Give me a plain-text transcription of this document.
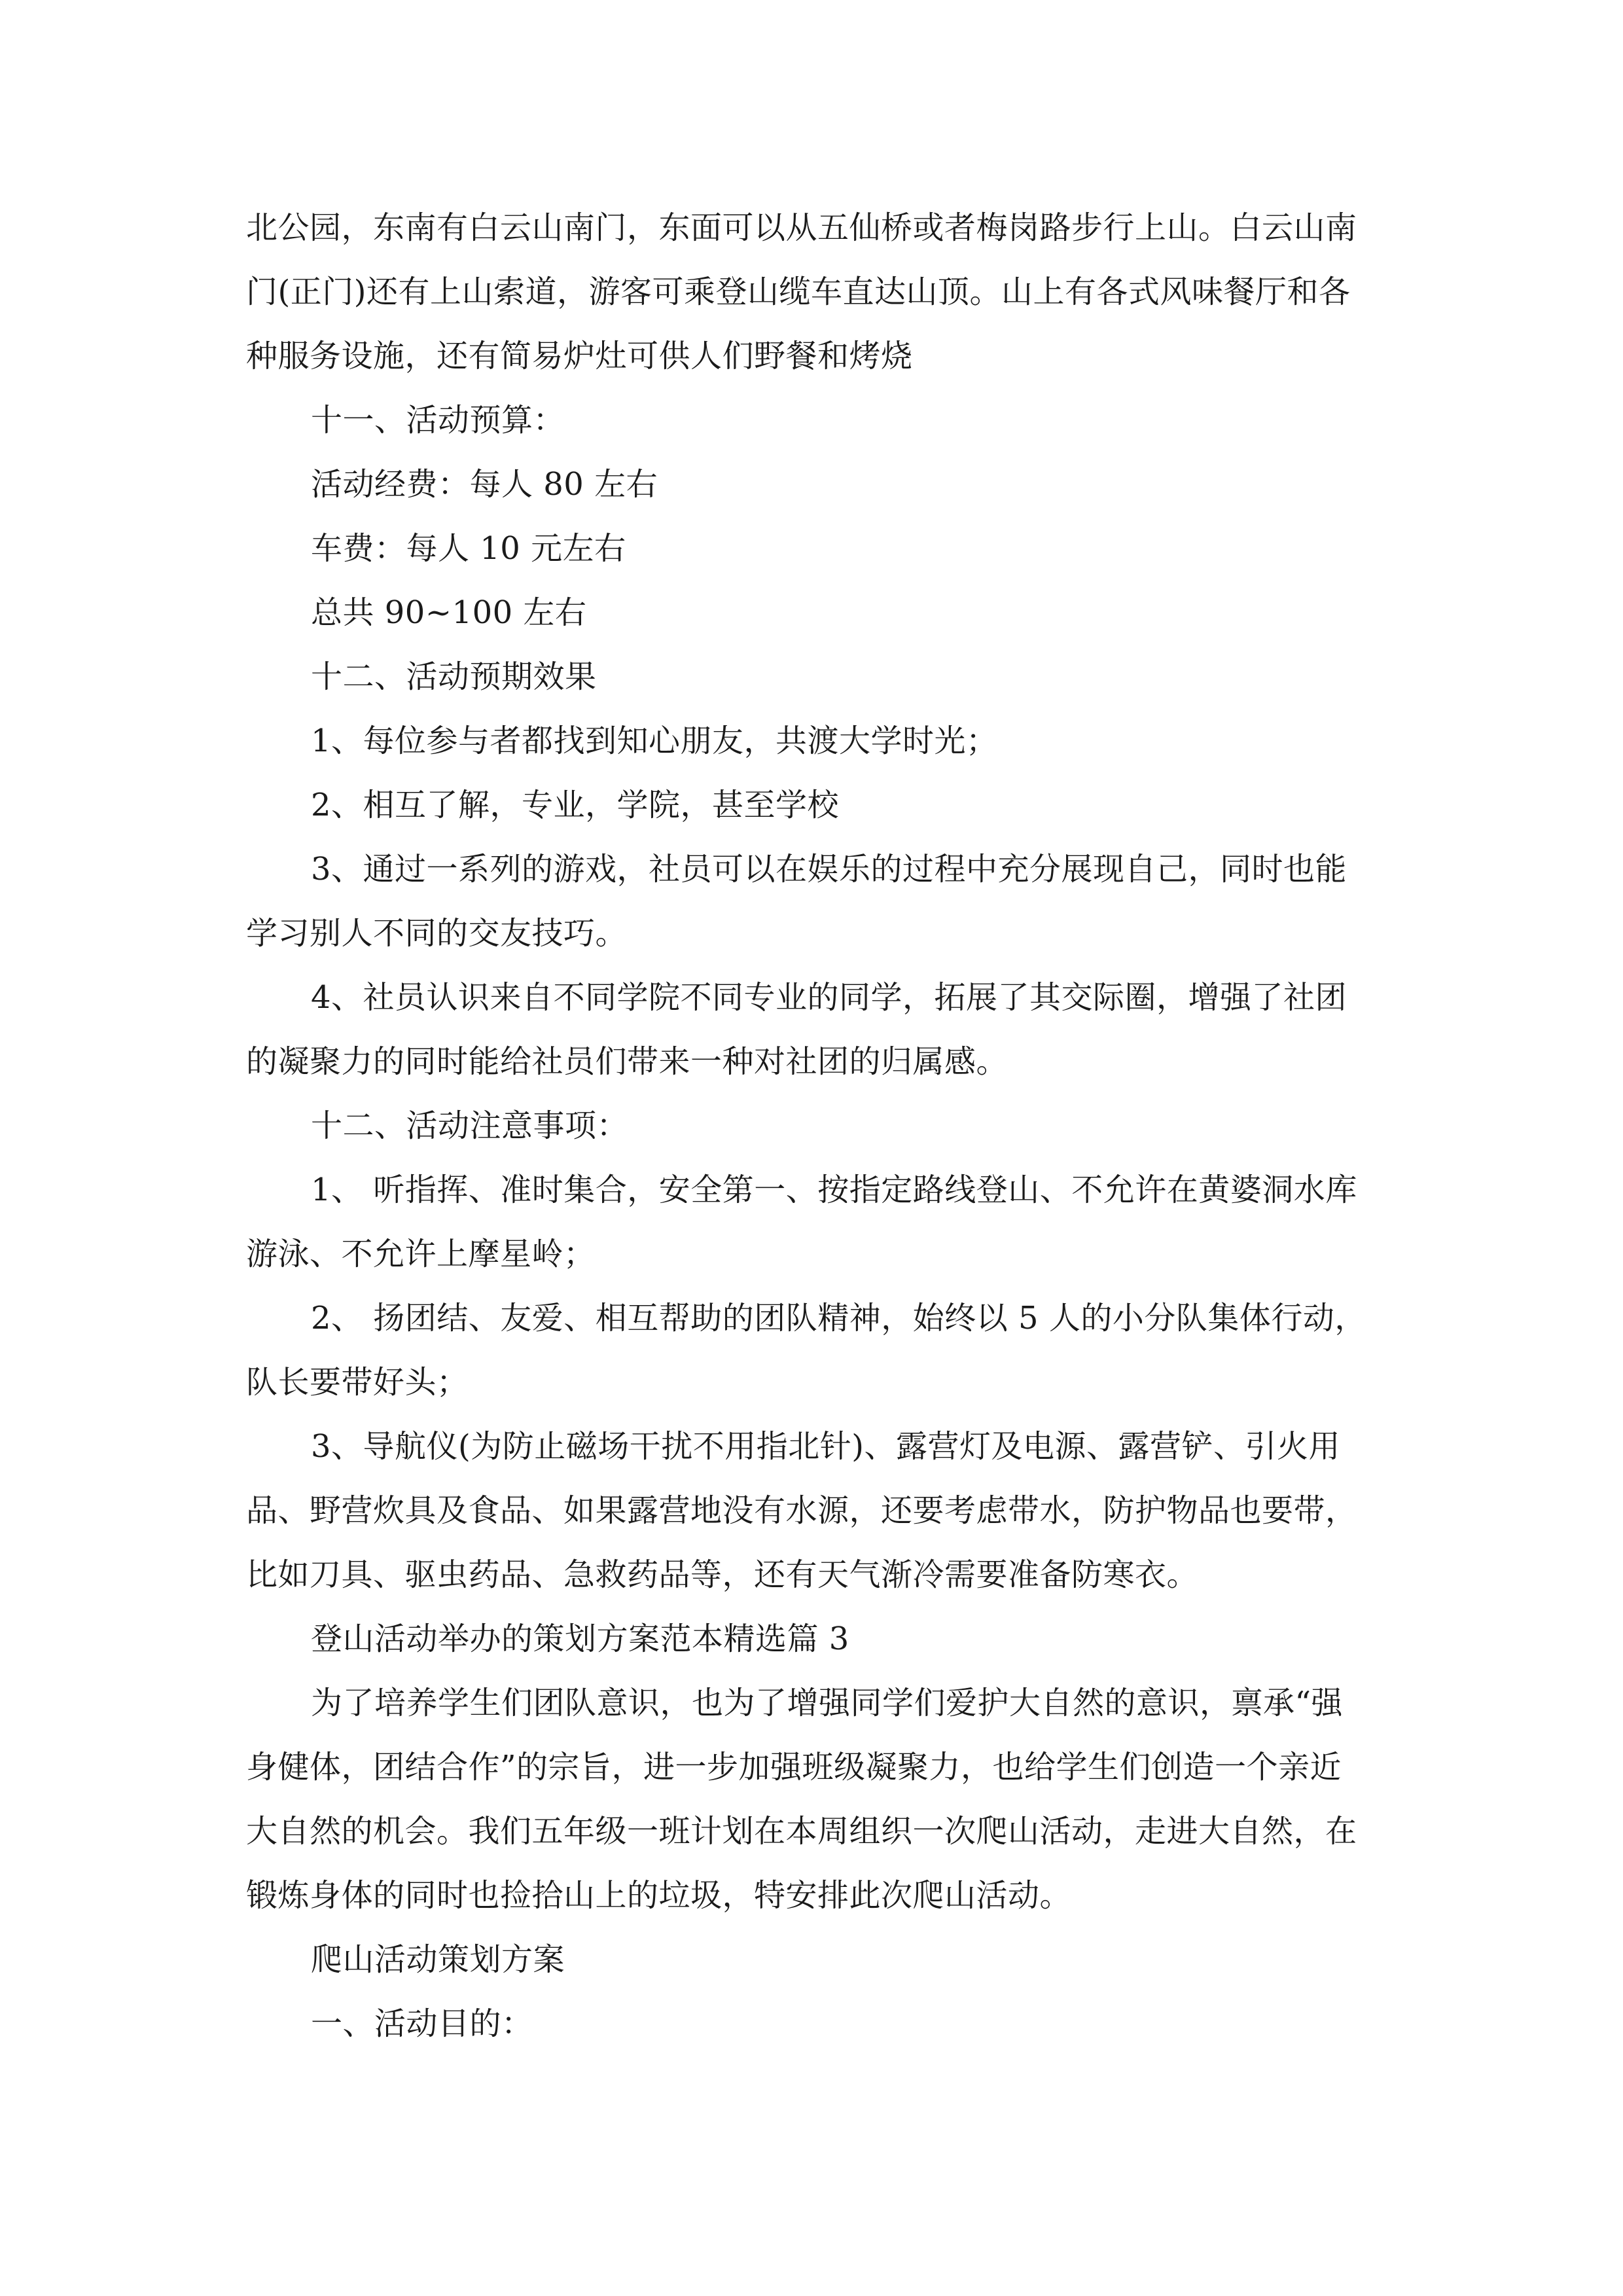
北公园，东南有白云山南门，东面可以从五仙桥或者梅岗路步行上山。白云山南
门(正门)还有上山索道，游客可乘登山缆车直达山顶。山上有各式风味餐厅和各
种服务设施，还有简易炉灶可供人们野餐和烤烧
十一、活动预算：
活动经费：每人 80 左右
车费：每人 10 元左右
总共 90~100 左右
十二、活动预期效果
1、每位参与者都找到知心朋友，共渡大学时光；
2、相互了解，专业，学院，甚至学校
3、通过一系列的游戏，社员可以在娱乐的过程中充分展现自己，同时也能
学习别人不同的交友技巧。
4、社员认识来自不同学院不同专业的同学，拓展了其交际圈，增强了社团
的凝聚力的同时能给社员们带来一种对社团的归属感。
十二、活动注意事项：
1、 听指挥、准时集合，安全第一、按指定路线登山、不允许在黄婆洞水库
游泳、不允许上摩星岭；
2、 扬团结、友爱、相互帮助的团队精神，始终以 5 人的小分队集体行动，
队长要带好头；
3、导航仪(为防止磁场干扰不用指北针)、露营灯及电源、露营铲、引火用
品、野营炊具及食品、如果露营地没有水源，还要考虑带水，防护物品也要带，
比如刀具、驱虫药品、急救药品等，还有天气渐冷需要准备防寒衣。
登山活动举办的策划方案范本精选篇 3
为了培养学生们团队意识，也为了增强同学们爱护大自然的意识，禀承“强
身健体，团结合作”的宗旨，进一步加强班级凝聚力，也给学生们创造一个亲近
大自然的机会。我们五年级一班计划在本周组织一次爬山活动，走进大自然，在
锻炼身体的同时也捡拾山上的垃圾，特安排此次爬山活动。
爬山活动策划方案
一、活动目的：
